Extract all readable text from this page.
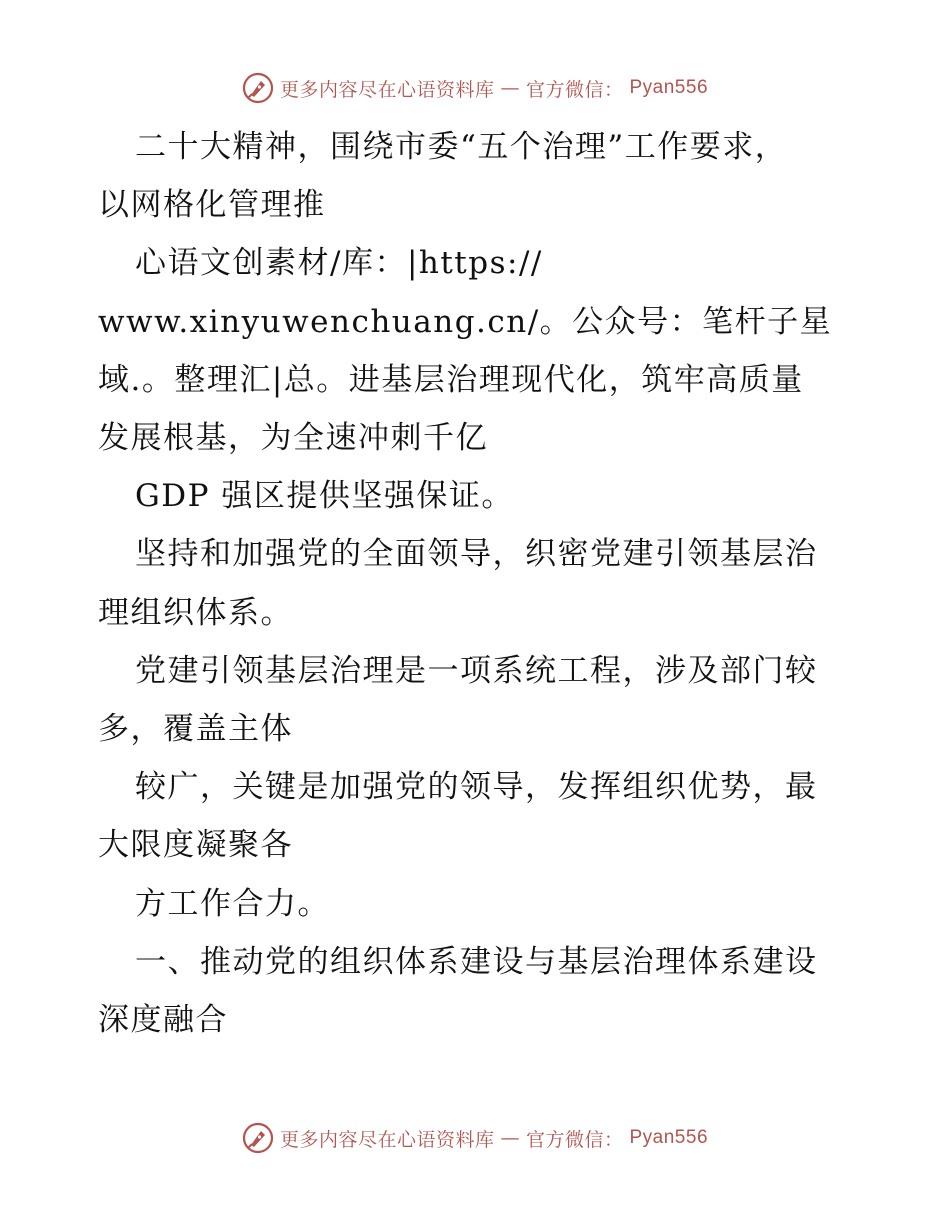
更多内容尽在心语资料库 — 官方微信： Pyan556
二十大精神，围绕市委“五个治理”工作要求，
以网格化管理推
心语文创素材/库：|https://
www.xinyuwenchuang.cn/。公众号：笔杆子星
域.。整理汇|总。进基层治理现代化，筑牢高质量
发展根基，为全速冲刺千亿
GDP 强区提供坚强保证。
坚持和加强党的全面领导，织密党建引领基层治
理组织体系。
党建引领基层治理是一项系统工程，涉及部门较
多，覆盖主体
较广，关键是加强党的领导，发挥组织优势，最
大限度凝聚各
方工作合力。
一、推动党的组织体系建设与基层治理体系建设
深度融合
更多内容尽在心语资料库 — 官方微信： Pyan556
